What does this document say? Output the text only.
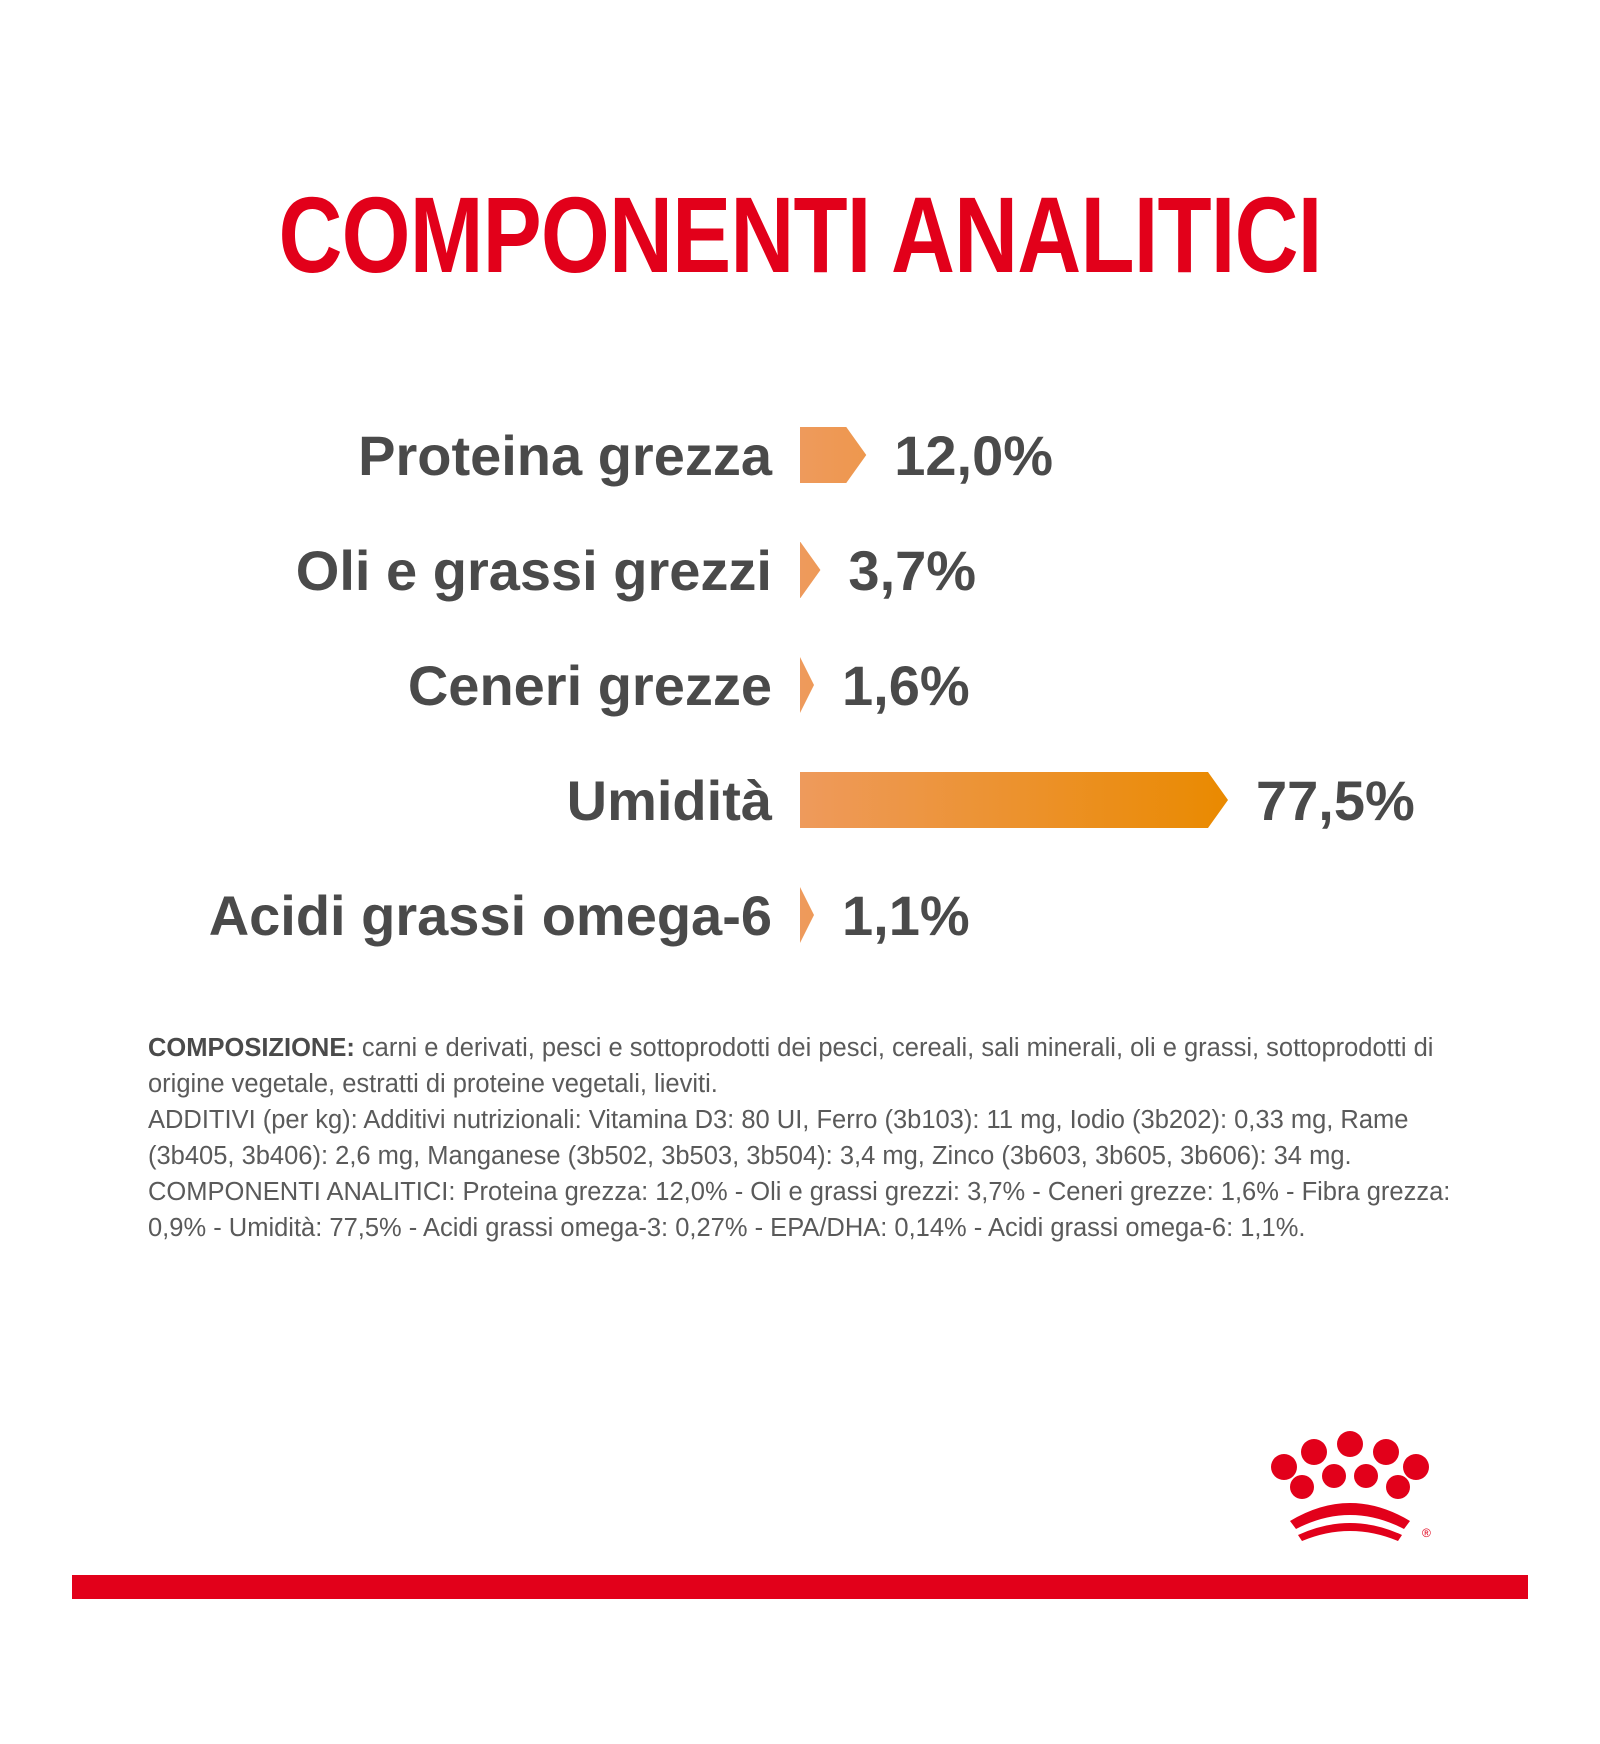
COMPONENTI ANALITICI
Proteina grezza 12,0%
Oli e grassi grezzi 3,7%
Ceneri grezze 1,6%
Umidità	77,5%
Acidi grassi omega-6 1,1%

COMPOSIZIONE: carni e derivati, pesci e sottoprodotti dei pesci, cereali, sali minerali, oli e grassi, sottoprodotti di origine vegetale, estratti di proteine vegetali, lieviti.

ADDITIVI (per kg): Additivi nutrizionali: Vitamina D3: 80 UI, Ferro (3b103): 11 mg, Iodio (3b202): 0,33 mg, Rame (3b405, 3b406): 2,6 mg, Manganese (3b502, 3b503, 3b504): 3,4 mg, Zinco (3b603, 3b605, 3b606): 34 mg.

COMPONENTI ANALITICI: Proteina grezza: 12,0% - Oli e grassi grezzi: 3,7% - Ceneri grezze: 1,6% - Fibra grezza: 0,9% - Umidità: 77,5% - Acidi grassi omega-3: 0,27% - EPA/DHA: 0,14% - Acidi grassi omega-6: 1,1%.

®
